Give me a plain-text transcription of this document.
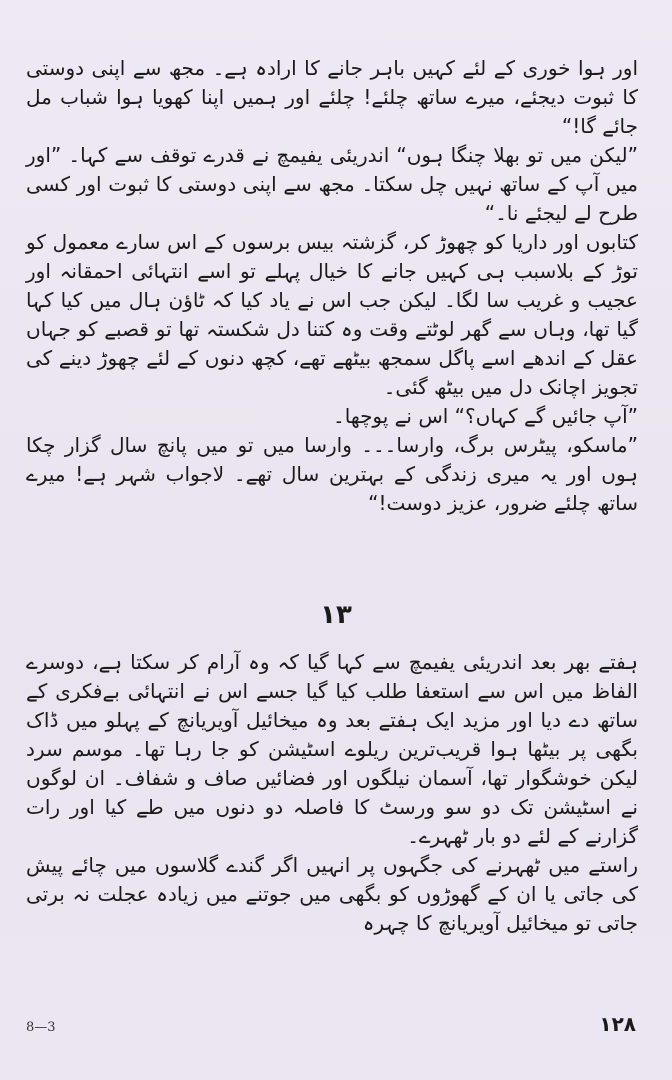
اور ہوا خوری کے لئے کہیں باہر جانے کا ارادہ ہے۔ مجھ سے اپنی دوستی کا ثبوت دیجئے، میرے ساتھ چلئے! چلئے اور ہمیں اپنا کھویا ہوا شباب مل جائے گا!“

”لیکن میں تو بھلا چنگا ہوں“ اندریئی یفیمچ نے قدرے توقف سے کہا۔ ”اور میں آپ کے ساتھ نہیں چل سکتا۔ مجھ سے اپنی دوستی کا ثبوت اور کسی طرح لے لیجئے نا۔“

کتابوں اور داریا کو چھوڑ کر، گزشتہ بیس برسوں کے اس سارے معمول کو توڑ کے بلاسبب ہی کہیں جانے کا خیال پہلے تو اسے انتہائی احمقانہ اور عجیب و غریب سا لگا۔ لیکن جب اس نے یاد کیا کہ ٹاؤن ہال میں کیا کہا گیا تھا، وہاں سے گھر لوٹتے وقت وہ کتنا دل شکستہ تھا تو قصبے کو جہاں عقل کے اندھے اسے پاگل سمجھ بیٹھے تھے، کچھ دنوں کے لئے چھوڑ دینے کی تجویز اچانک دل میں بیٹھ گئی۔

”آپ جائیں گے کہاں؟“ اس نے پوچھا۔

”ماسکو، پیٹرس برگ، وارسا۔۔۔ وارسا میں تو میں پانچ سال گزار چکا ہوں اور یہ میری زندگی کے بہترین سال تھے۔ لاجواب شہر ہے! میرے ساتھ چلئے ضرور، عزیز دوست!“

۱۳

ہفتے بھر بعد اندریئی یفیمچ سے کہا گیا کہ وہ آرام کر سکتا ہے، دوسرے الفاظ میں اس سے استعفا طلب کیا گیا جسے اس نے انتہائی بےفکری کے ساتھ دے دیا اور مزید ایک ہفتے بعد وہ میخائیل آویریانچ کے پہلو میں ڈاک بگھی پر بیٹھا ہوا قریب‌ترین ریلوے اسٹیشن کو جا رہا تھا۔ موسم سرد لیکن خوشگوار تھا، آسمان نیلگوں اور فضائیں صاف و شفاف۔ ان لوگوں نے اسٹیشن تک دو سو ورسٹ کا فاصلہ دو دنوں میں طے کیا اور رات گزارنے کے لئے دو بار ٹھہرے۔

راستے میں ٹھہرنے کی جگہوں پر انہیں اگر گندے گلاسوں میں چائے پیش کی جاتی یا ان کے گھوڑوں کو بگھی میں جوتنے میں زیادہ عجلت نہ برتی جاتی تو میخائیل آویریانچ کا چہرہ

8—3	۱۲۸
